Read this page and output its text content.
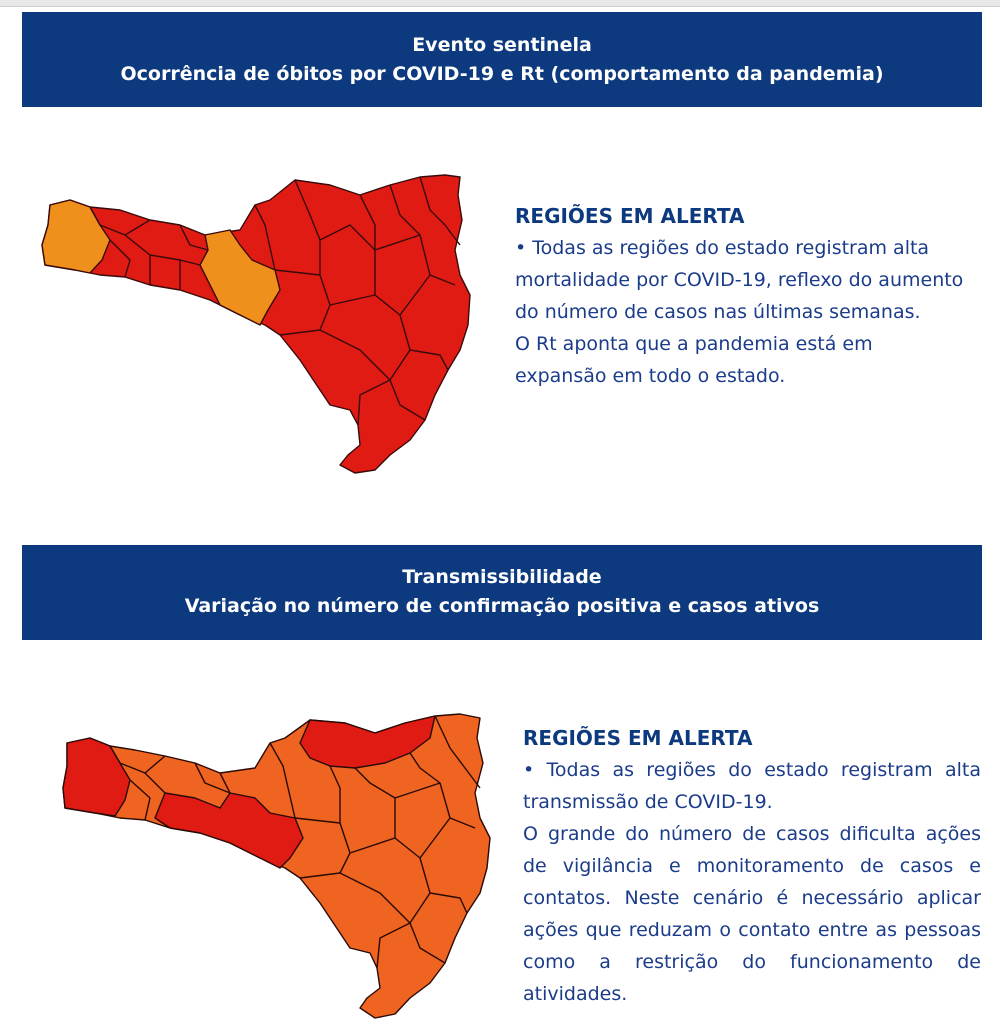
Evento sentinela
Ocorrência de óbitos por COVID-19 e Rt (comportamento da pandemia)
REGIÕES EM ALERTA
• Todas as regiões do estado registram alta mortalidade por COVID-19, reflexo do aumento do número de casos nas últimas semanas.
O Rt aponta que a pandemia está em expansão em todo o estado.
Transmissibilidade
Variação no número de confirmação positiva e casos ativos
REGIÕES EM ALERTA
• Todas as regiões do estado registram alta transmissão de COVID-19.
O grande do número de casos dificulta ações de vigilância e monitoramento de casos e contatos. Neste cenário é necessário aplicar ações que reduzam o contato entre as pessoas como a restrição do funcionamento de atividades.
